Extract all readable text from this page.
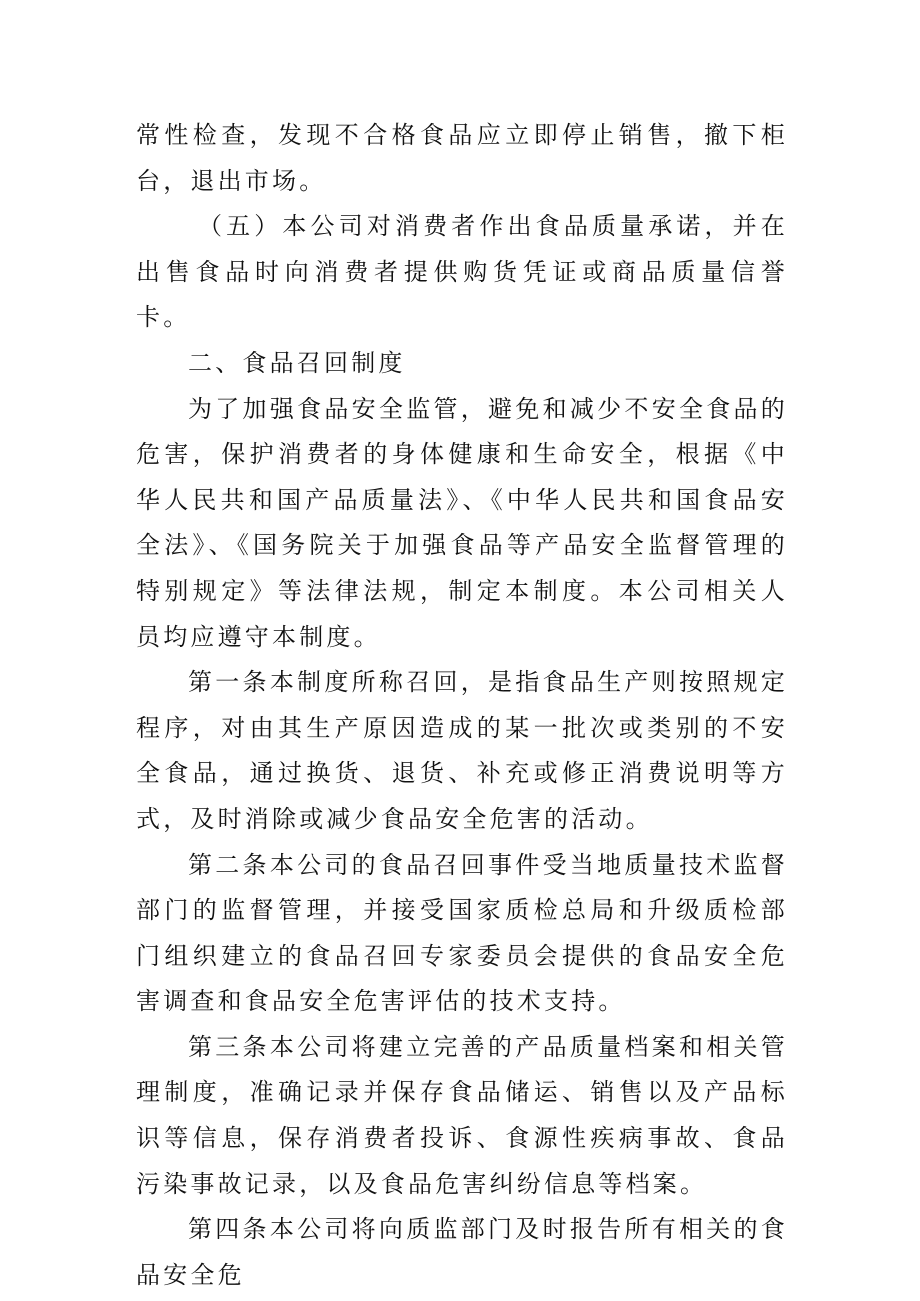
常性检查，发现不合格食品应立即停止销售，撤下柜台，退出市场。

（五）本公司对消费者作出食品质量承诺，并在出售食品时向消费者提供购货凭证或商品质量信誉卡。

二、食品召回制度

为了加强食品安全监管，避免和减少不安全食品的危害，保护消费者的身体健康和生命安全，根据《中华人民共和国产品质量法》、《中华人民共和国食品安全法》、《国务院关于加强食品等产品安全监督管理的特别规定》等法律法规，制定本制度。本公司相关人员均应遵守本制度。

第一条本制度所称召回，是指食品生产则按照规定程序，对由其生产原因造成的某一批次或类别的不安全食品，通过换货、退货、补充或修正消费说明等方式，及时消除或减少食品安全危害的活动。

第二条本公司的食品召回事件受当地质量技术监督部门的监督管理，并接受国家质检总局和升级质检部门组织建立的食品召回专家委员会提供的食品安全危害调查和食品安全危害评估的技术支持。

第三条本公司将建立完善的产品质量档案和相关管理制度，准确记录并保存食品储运、销售以及产品标识等信息，保存消费者投诉、食源性疾病事故、食品污染事故记录，以及食品危害纠纷信息等档案。

第四条本公司将向质监部门及时报告所有相关的食品安全危
